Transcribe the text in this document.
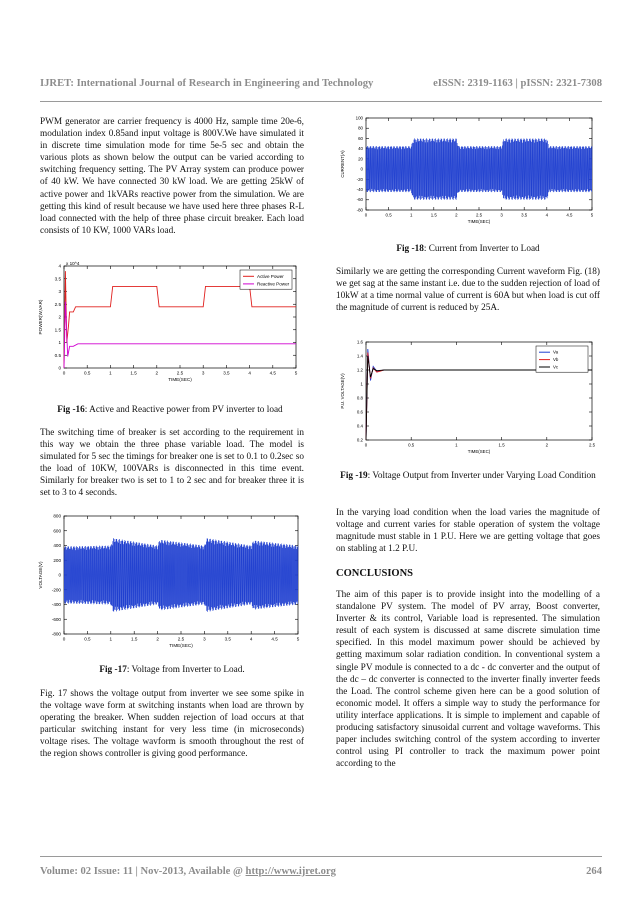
IJRET: International Journal of Research in Engineering and Technology	eISSN: 2319-1163 | pISSN: 2321-7308

PWM generator are carrier frequency is 4000 Hz, sample time 20e-6, modulation index 0.85and input voltage is 800V.We have simulated it in discrete time simulation mode for time 5e-5 sec and obtain the various plots as shown below the output can be varied according to switching frequency setting. The PV Array system can produce power of 40 kW. We have connected 30 kW load. We are getting 25kW of active power and 1kVARs reactive power from the simulation. We are getting this kind of result because we have used here three phases R-L load connected with the help of three phase circuit breaker. Each load consists of 10 KW, 1000 VARs load.

0	0.5	1	1.5	2	2.5	3	3.5	4	4.5	5
0
0.5
1
1.5
2
2.5
3
3.5
4
TIME(SEC)
POWER(W,VAR)
x 10^4
Active Power
Reactive Power
Fig -16: Active and Reactive power from PV inverter to load

The switching time of breaker is set according to the requirement in this way we obtain the three phase variable load. The model is simulated for 5 sec the timings for breaker one is set to 0.1 to 0.2sec so the load of 10KW, 100VARs is disconnected in this time event. Similarly for breaker two is set to 1 to 2 sec and for breaker three it is set to 3 to 4 seconds.

0	0.5	1	1.5	2	2.5	3	3.5	4	4.5	5
-800
-600
-400
-200
0
200
400
600
800
TIME(SEC)
VOLTAGE(V)
Fig -17: Voltage from Inverter to Load.

Fig. 17 shows the voltage output from inverter we see some spike in the voltage wave form at switching instants when load are thrown by operating the breaker. When sudden rejection of load occurs at that particular switching instant for very less time (in microseconds) voltage rises. The voltage wavform is smooth throughout the rest of the region shows controller is giving good performance.

0	0.5	1	1.5	2	2.5	3	3.5	4	4.5	5
-80
-60
-40
-20
0
20
40
60
80
100
TIME(SEC)
CURRENT(A)
Fig -18: Current from Inverter to Load

Similarly we are getting the corresponding Current waveform Fig. (18) we get sag at the same instant i.e. due to the sudden rejection of load of 10kW at a time normal value of current is 60A but when load is cut off the magnitude of current is reduced by 25A.

0	0.5	1	1.5	2	2.5
0.2
0.4
0.6
0.8
1
1.2
1.4
1.6
TIME(SEC)
P.U. VOLTAGE(V)
Va
Vb
Vc
Fig -19: Voltage Output from Inverter under Varying Load Condition

In the varying load condition when the load varies the magnitude of voltage and current varies for stable operation of system the voltage magnitude must stable in 1 P.U. Here we are getting voltage that goes on stabling at 1.2 P.U.

CONCLUSIONS

The aim of this paper is to provide insight into the modelling of a standalone PV system. The model of PV array, Boost converter, Inverter & its control, Variable load is represented. The simulation result of each system is discussed at same discrete simulation time specified. In this model maximum power should be achieved by getting maximum solar radiation condition. In conventional system a single PV module is connected to a dc - dc converter and the output of the dc – dc converter is connected to the inverter finally inverter feeds the Load. The control scheme given here can be a good solution of economic model. It offers a simple way to study the performance for utility interface applications. It is simple to implement and capable of producing satisfactory sinusoidal current and voltage waveforms. This paper includes switching control of the system according to inverter control using PI controller to track the maximum power point according to the

Volume: 02 Issue: 11 | Nov-2013, Available @ http://www.ijret.org	264
